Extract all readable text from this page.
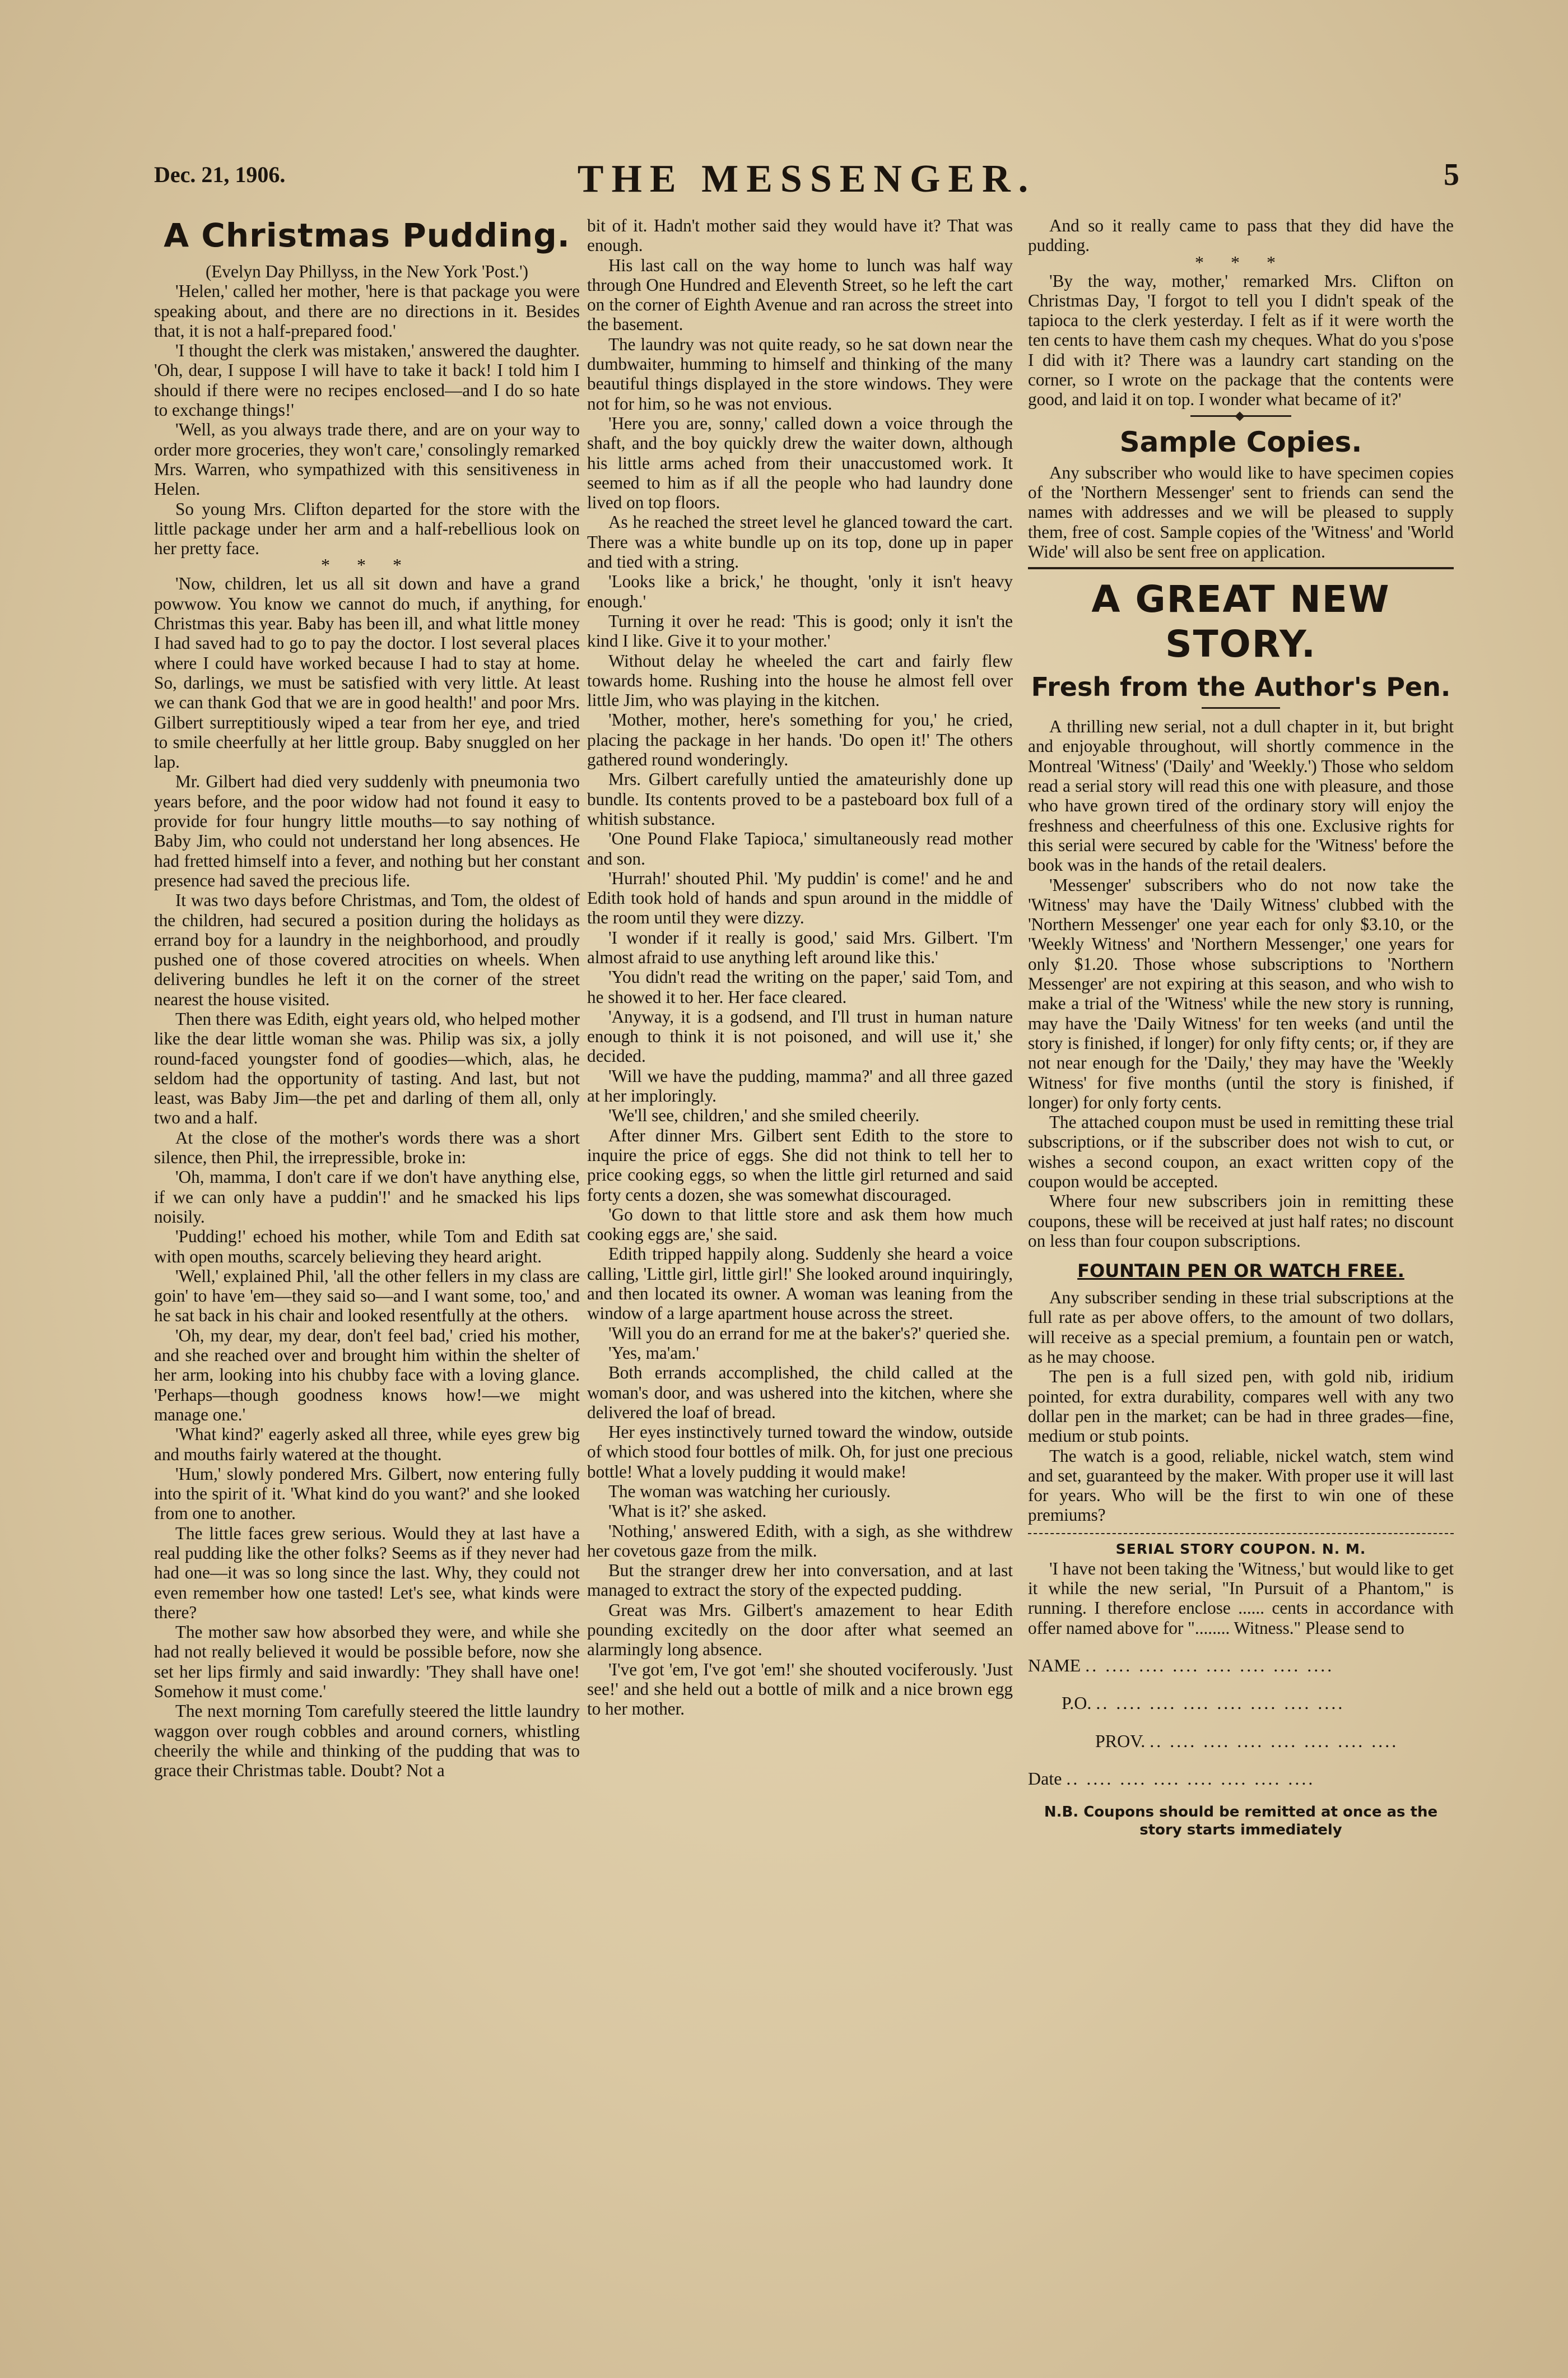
Dec. 21, 1906.	THE MESSENGER.	5
A Christmas Pudding.

(Evelyn Day Phillyss, in the New York 'Post.')

'Helen,' called her mother, 'here is that package you were speaking about, and there are no directions in it. Besides that, it is not a half-prepared food.'

'I thought the clerk was mistaken,' answered the daughter. 'Oh, dear, I suppose I will have to take it back! I told him I should if there were no recipes enclosed—and I do so hate to exchange things!'

'Well, as you always trade there, and are on your way to order more groceries, they won't care,' consolingly remarked Mrs. Warren, who sympathized with this sensitiveness in Helen.

So young Mrs. Clifton departed for the store with the little package under her arm and a half-rebellious look on her pretty face.

* * *

'Now, children, let us all sit down and have a grand powwow. You know we cannot do much, if anything, for Christmas this year. Baby has been ill, and what little money I had saved had to go to pay the doctor. I lost several places where I could have worked because I had to stay at home. So, darlings, we must be satisfied with very little. At least we can thank God that we are in good health!' and poor Mrs. Gilbert surreptitiously wiped a tear from her eye, and tried to smile cheerfully at her little group. Baby snuggled on her lap.

Mr. Gilbert had died very suddenly with pneumonia two years before, and the poor widow had not found it easy to provide for four hungry little mouths—to say nothing of Baby Jim, who could not understand her long absences. He had fretted himself into a fever, and nothing but her constant presence had saved the precious life.

It was two days before Christmas, and Tom, the oldest of the children, had secured a position during the holidays as errand boy for a laundry in the neighborhood, and proudly pushed one of those covered atrocities on wheels. When delivering bundles he left it on the corner of the street nearest the house visited.

Then there was Edith, eight years old, who helped mother like the dear little woman she was. Philip was six, a jolly round-faced youngster fond of goodies—which, alas, he seldom had the opportunity of tasting. And last, but not least, was Baby Jim—the pet and darling of them all, only two and a half.

At the close of the mother's words there was a short silence, then Phil, the irrepressible, broke in:

'Oh, mamma, I don't care if we don't have anything else, if we can only have a puddin'!' and he smacked his lips noisily.

'Pudding!' echoed his mother, while Tom and Edith sat with open mouths, scarcely believing they heard aright.

'Well,' explained Phil, 'all the other fellers in my class are goin' to have 'em—they said so—and I want some, too,' and he sat back in his chair and looked resentfully at the others.

'Oh, my dear, my dear, don't feel bad,' cried his mother, and she reached over and brought him within the shelter of her arm, looking into his chubby face with a loving glance. 'Perhaps—though goodness knows how!—we might manage one.'

'What kind?' eagerly asked all three, while eyes grew big and mouths fairly watered at the thought.

'Hum,' slowly pondered Mrs. Gilbert, now entering fully into the spirit of it. 'What kind do you want?' and she looked from one to another.

The little faces grew serious. Would they at last have a real pudding like the other folks? Seems as if they never had had one—it was so long since the last. Why, they could not even remember how one tasted! Let's see, what kinds were there?

The mother saw how absorbed they were, and while she had not really believed it would be possible before, now she set her lips firmly and said inwardly: 'They shall have one! Somehow it must come.'

The next morning Tom carefully steered the little laundry waggon over rough cobbles and around corners, whistling cheerily the while and thinking of the pudding that was to grace their Christmas table. Doubt? Not a

bit of it. Hadn't mother said they would have it? That was enough.

His last call on the way home to lunch was half way through One Hundred and Eleventh Street, so he left the cart on the corner of Eighth Avenue and ran across the street into the basement.

The laundry was not quite ready, so he sat down near the dumbwaiter, humming to himself and thinking of the many beautiful things displayed in the store windows. They were not for him, so he was not envious.

'Here you are, sonny,' called down a voice through the shaft, and the boy quickly drew the waiter down, although his little arms ached from their unaccustomed work. It seemed to him as if all the people who had laundry done lived on top floors.

As he reached the street level he glanced toward the cart. There was a white bundle up on its top, done up in paper and tied with a string.

'Looks like a brick,' he thought, 'only it isn't heavy enough.'

Turning it over he read: 'This is good; only it isn't the kind I like. Give it to your mother.'

Without delay he wheeled the cart and fairly flew towards home. Rushing into the house he almost fell over little Jim, who was playing in the kitchen.

'Mother, mother, here's something for you,' he cried, placing the package in her hands. 'Do open it!' The others gathered round wonderingly.

Mrs. Gilbert carefully untied the amateurishly done up bundle. Its contents proved to be a pasteboard box full of a whitish substance.

'One Pound Flake Tapioca,' simultaneously read mother and son.

'Hurrah!' shouted Phil. 'My puddin' is come!' and he and Edith took hold of hands and spun around in the middle of the room until they were dizzy.

'I wonder if it really is good,' said Mrs. Gilbert. 'I'm almost afraid to use anything left around like this.'

'You didn't read the writing on the paper,' said Tom, and he showed it to her. Her face cleared.

'Anyway, it is a godsend, and I'll trust in human nature enough to think it is not poisoned, and will use it,' she decided.

'Will we have the pudding, mamma?' and all three gazed at her imploringly.

'We'll see, children,' and she smiled cheerily.

After dinner Mrs. Gilbert sent Edith to the store to inquire the price of eggs. She did not think to tell her to price cooking eggs, so when the little girl returned and said forty cents a dozen, she was somewhat discouraged.

'Go down to that little store and ask them how much cooking eggs are,' she said.

Edith tripped happily along. Suddenly she heard a voice calling, 'Little girl, little girl!' She looked around inquiringly, and then located its owner. A woman was leaning from the window of a large apartment house across the street.

'Will you do an errand for me at the baker's?' queried she.

'Yes, ma'am.'

Both errands accomplished, the child called at the woman's door, and was ushered into the kitchen, where she delivered the loaf of bread.

Her eyes instinctively turned toward the window, outside of which stood four bottles of milk. Oh, for just one precious bottle! What a lovely pudding it would make!

The woman was watching her curiously.

'What is it?' she asked.

'Nothing,' answered Edith, with a sigh, as she withdrew her covetous gaze from the milk.

But the stranger drew her into conversation, and at last managed to extract the story of the expected pudding.

Great was Mrs. Gilbert's amazement to hear Edith pounding excitedly on the door after what seemed an alarmingly long absence.

'I've got 'em, I've got 'em!' she shouted vociferously. 'Just see!' and she held out a bottle of milk and a nice brown egg to her mother.

And so it really came to pass that they did have the pudding.

* * *

'By the way, mother,' remarked Mrs. Clifton on Christmas Day, 'I forgot to tell you I didn't speak of the tapioca to the clerk yesterday. I felt as if it were worth the ten cents to have them cash my cheques. What do you s'pose I did with it? There was a laundry cart standing on the corner, so I wrote on the package that the contents were good, and laid it on top. I wonder what became of it?'

Sample Copies.

Any subscriber who would like to have specimen copies of the 'Northern Messenger' sent to friends can send the names with addresses and we will be pleased to supply them, free of cost. Sample copies of the 'Witness' and 'World Wide' will also be sent free on application.

A GREAT NEW STORY.
Fresh from the Author's Pen.

A thrilling new serial, not a dull chapter in it, but bright and enjoyable throughout, will shortly commence in the Montreal 'Witness' ('Daily' and 'Weekly.') Those who seldom read a serial story will read this one with pleasure, and those who have grown tired of the ordinary story will enjoy the freshness and cheerfulness of this one. Exclusive rights for this serial were secured by cable for the 'Witness' before the book was in the hands of the retail dealers.

'Messenger' subscribers who do not now take the 'Witness' may have the 'Daily Witness' clubbed with the 'Northern Messenger' one year each for only $3.10, or the 'Weekly Witness' and 'Northern Messenger,' one years for only $1.20. Those whose subscriptions to 'Northern Messenger' are not expiring at this season, and who wish to make a trial of the 'Witness' while the new story is running, may have the 'Daily Witness' for ten weeks (and until the story is finished, if longer) for only fifty cents; or, if they are not near enough for the 'Daily,' they may have the 'Weekly Witness' for five months (until the story is finished, if longer) for only forty cents.

The attached coupon must be used in remitting these trial subscriptions, or if the subscriber does not wish to cut, or wishes a second coupon, an exact written copy of the coupon would be accepted.

Where four new subscribers join in remitting these coupons, these will be received at just half rates; no discount on less than four coupon subscriptions.

FOUNTAIN PEN OR WATCH FREE.

Any subscriber sending in these trial subscriptions at the full rate as per above offers, to the amount of two dollars, will receive as a special premium, a fountain pen or watch, as he may choose.

The pen is a full sized pen, with gold nib, iridium pointed, for extra durability, compares well with any two dollar pen in the market; can be had in three grades—fine, medium or stub points.

The watch is a good, reliable, nickel watch, stem wind and set, guaranteed by the maker. With proper use it will last for years. Who will be the first to win one of these premiums?

SERIAL STORY COUPON. N. M.

'I have not been taking the 'Witness,' but would like to get it while the new serial, "In Pursuit of a Phantom," is running. I therefore enclose ...... cents in accordance with offer named above for "........ Witness." Please send to

NAME .. .... .... .... .... .... .... ....
P.O. .. .... .... .... .... .... .... ....
PROV. .. .... .... .... .... .... .... ....
Date .. .... .... .... .... .... .... ....
N.B. Coupons should be remitted at once as the story starts immediately
